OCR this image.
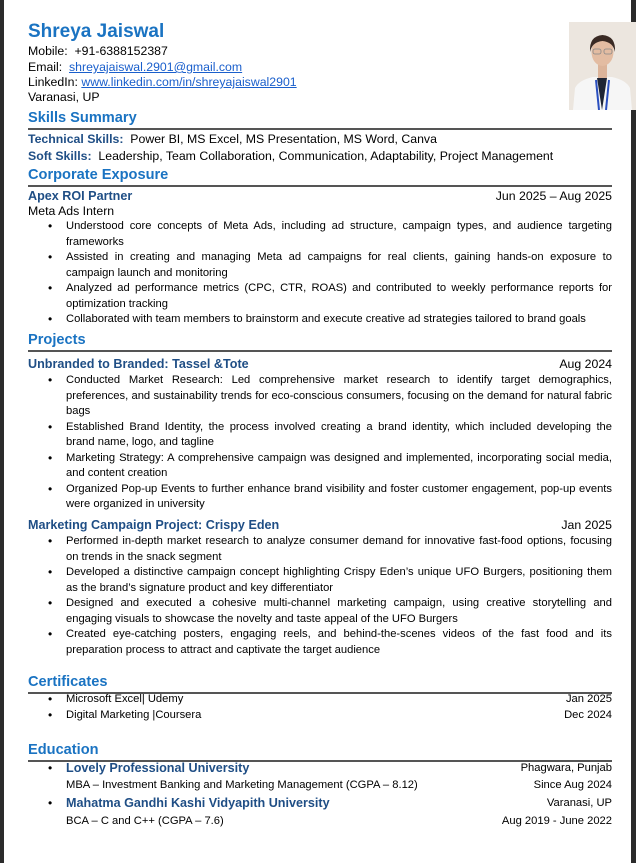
Shreya Jaiswal
Mobile: +91-6388152387
Email: shreyajaiswal.2901@gmail.com
LinkedIn: www.linkedin.com/in/shreyajaiswal2901
Varanasi, UP
Skills Summary
Technical Skills: Power BI, MS Excel, MS Presentation, MS Word, Canva
Soft Skills: Leadership, Team Collaboration, Communication, Adaptability, Project Management
Corporate Exposure
Apex ROI Partner	Jun 2025 – Aug 2025
Meta Ads Intern
• Understood core concepts of Meta Ads, including ad structure, campaign types, and audience targeting frameworks
• Assisted in creating and managing Meta ad campaigns for real clients, gaining hands-on exposure to campaign launch and monitoring
• Analyzed ad performance metrics (CPC, CTR, ROAS) and contributed to weekly performance reports for optimization tracking
• Collaborated with team members to brainstorm and execute creative ad strategies tailored to brand goals
Projects
Unbranded to Branded: Tassel &Tote	Aug 2024
• Conducted Market Research: Led comprehensive market research to identify target demographics, preferences, and sustainability trends for eco-conscious consumers, focusing on the demand for natural fabric bags
• Established Brand Identity, the process involved creating a brand identity, which included developing the brand name, logo, and tagline
• Marketing Strategy: A comprehensive campaign was designed and implemented, incorporating social media, and content creation
• Organized Pop-up Events to further enhance brand visibility and foster customer engagement, pop-up events were organized in university
Marketing Campaign Project: Crispy Eden	Jan 2025
• Performed in-depth market research to analyze consumer demand for innovative fast-food options, focusing on trends in the snack segment
• Developed a distinctive campaign concept highlighting Crispy Eden’s unique UFO Burgers, positioning them as the brand’s signature product and key differentiator
• Designed and executed a cohesive multi-channel marketing campaign, using creative storytelling and engaging visuals to showcase the novelty and taste appeal of the UFO Burgers
• Created eye-catching posters, engaging reels, and behind-the-scenes videos of the fast food and its preparation process to attract and captivate the target audience
Certificates
• Microsoft Excel| Udemy	Jan 2025
• Digital Marketing |Coursera	Dec 2024
Education
• Lovely Professional University	Phagwara, Punjab
MBA – Investment Banking and Marketing Management (CGPA – 8.12)	Since Aug 2024
• Mahatma Gandhi Kashi Vidyapith University	Varanasi, UP
BCA – C and C++ (CGPA – 7.6)	Aug 2019 - June 2022
